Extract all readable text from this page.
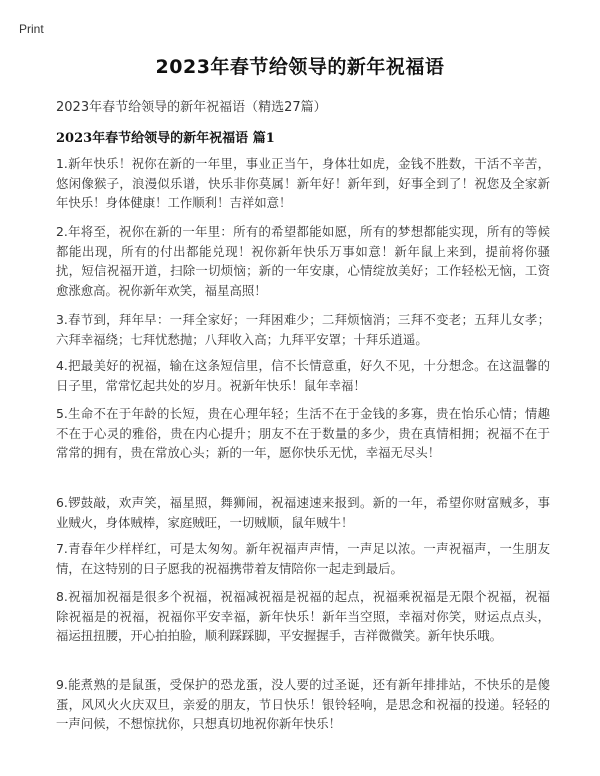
Print
2023年春节给领导的新年祝福语

2023年春节给领导的新年祝福语（精选27篇）

2023年春节给领导的新年祝福语 篇1

1.新年快乐！祝你在新的一年里，事业正当午，身体壮如虎，金钱不胜数，干活不辛苦，悠闲像猴子，浪漫似乐谱，快乐非你莫属！新年好！新年到，好事全到了！祝您及全家新年快乐！身体健康！工作顺利！吉祥如意！

2.年将至，祝你在新的一年里：所有的希望都能如愿，所有的梦想都能实现，所有的等候都能出现，所有的付出都能兑现！祝你新年快乐万事如意！新年鼠上来到，提前将你骚扰，短信祝福开道，扫除一切烦恼；新的一年安康，心情绽放美好；工作轻松无恼，工资愈涨愈高。祝你新年欢笑，福星高照！

3.春节到，拜年早：一拜全家好；一拜困难少；二拜烦恼消；三拜不变老；五拜儿女孝；六拜幸福绕；七拜忧愁抛；八拜收入高；九拜平安罩；十拜乐逍遥。

4.把最美好的祝福，输在这条短信里，信不长情意重，好久不见，十分想念。在这温馨的日子里，常常忆起共处的岁月。祝新年快乐！鼠年幸福！

5.生命不在于年龄的长短，贵在心理年轻；生活不在于金钱的多寡，贵在怡乐心情；情趣不在于心灵的雅俗，贵在内心提升；朋友不在于数量的多少，贵在真情相拥；祝福不在于常常的拥有，贵在常放心头；新的一年，愿你快乐无忧，幸福无尽头！

6.锣鼓敲，欢声笑，福星照，舞狮闹，祝福速速来报到。新的一年，希望你财富贼多，事业贼火，身体贼棒，家庭贼旺，一切贼顺，鼠年贼牛！

7.青春年少样样红，可是太匆匆。新年祝福声声情，一声足以浓。一声祝福声，一生朋友情，在这特别的日子愿我的祝福携带着友情陪你一起走到最后。

8.祝福加祝福是很多个祝福，祝福减祝福是祝福的起点，祝福乘祝福是无限个祝福，祝福除祝福是的祝福，祝福你平安幸福，新年快乐！新年当空照，幸福对你笑，财运点点头，福运扭扭腰，开心拍拍脸，顺利踩踩脚，平安握握手，吉祥微微笑。新年快乐哦。

9.能煮熟的是鼠蛋，受保护的恐龙蛋，没人要的过圣诞，还有新年排排站，不快乐的是傻蛋，风风火火庆双旦，亲爱的朋友，节日快乐！银铃轻响，是思念和祝福的投递。轻轻的一声问候，不想惊扰你，只想真切地祝你新年快乐！
